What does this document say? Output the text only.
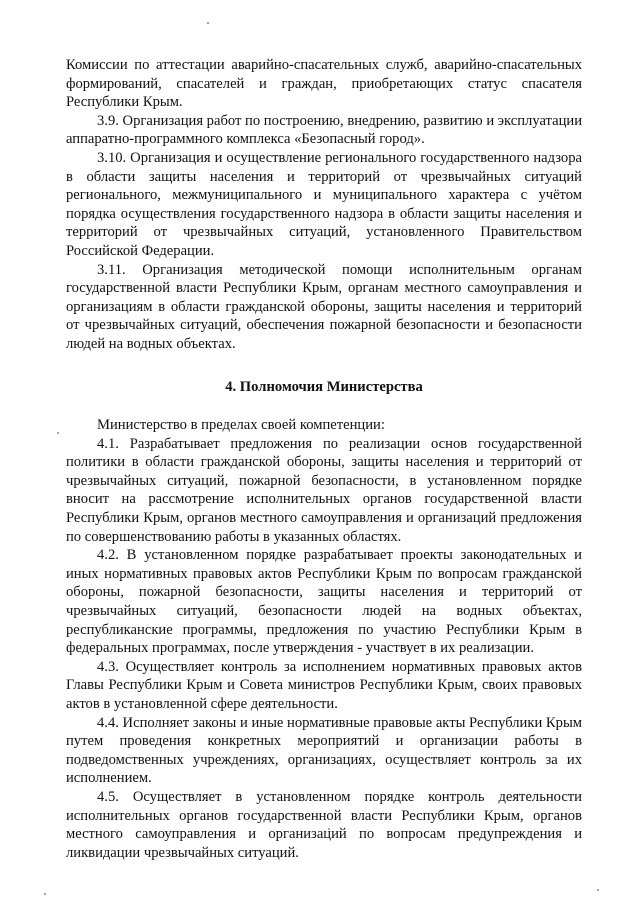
Комиссии по аттестации аварийно-спасательных служб, аварийно-спасательных формирований, спасателей и граждан, приобретающих статус спасателя Республики Крым.

3.9. Организация работ по построению, внедрению, развитию и эксплуатации аппаратно-программного комплекса «Безопасный город».

3.10. Организация и осуществление регионального государственного надзора в области защиты населения и территорий от чрезвычайных ситуаций регионального, межмуниципального и муниципального характера с учётом порядка осуществления государственного надзора в области защиты населения и территорий от чрезвычайных ситуаций, установленного Правительством Российской Федерации.

3.11. Организация методической помощи исполнительным органам государственной власти Республики Крым, органам местного самоуправления и организациям в области гражданской обороны, защиты населения и территорий от чрезвычайных ситуаций, обеспечения пожарной безопасности и безопасности людей на водных объектах.

4. Полномочия Министерства

Министерство в пределах своей компетенции:

4.1. Разрабатывает предложения по реализации основ государственной политики в области гражданской обороны, защиты населения и территорий от чрезвычайных ситуаций, пожарной безопасности, в установленном порядке вносит на рассмотрение исполнительных органов государственной власти Республики Крым, органов местного самоуправления и организаций предложения по совершенствованию работы в указанных областях.

4.2. В установленном порядке разрабатывает проекты законодательных и иных нормативных правовых актов Республики Крым по вопросам гражданской обороны, пожарной безопасности, защиты населения и территорий от чрезвычайных ситуаций, безопасности людей на водных объектах, республиканские программы, предложения по участию Республики Крым в федеральных программах, после утверждения - участвует в их реализации.

4.3. Осуществляет контроль за исполнением нормативных правовых актов Главы Республики Крым и Совета министров Республики Крым, своих правовых актов в установленной сфере деятельности.

4.4. Исполняет законы и иные нормативные правовые акты Республики Крым путем проведения конкретных мероприятий и организации работы в подведомственных учреждениях, организациях, осуществляет контроль за их исполнением.

4.5. Осуществляет в установленном порядке контроль деятельности исполнительных органов государственной власти Республики Крым, органов местного самоуправления и организаций по вопросам предупреждения и ликвидации чрезвычайных ситуаций.
